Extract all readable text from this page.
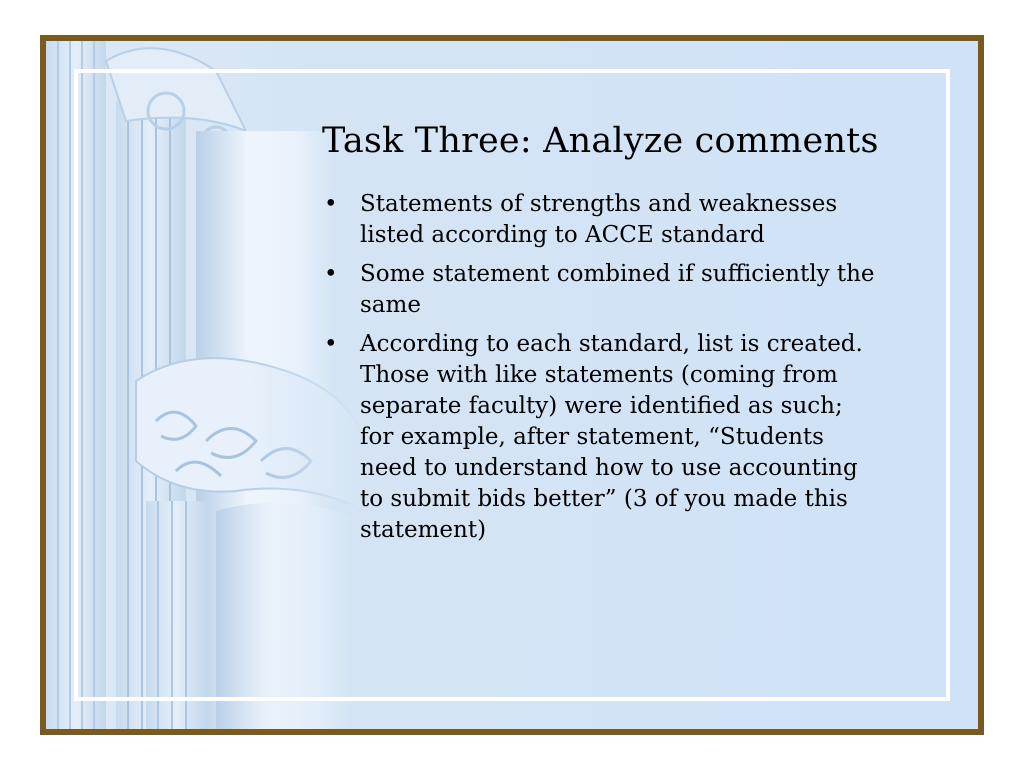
Task Three: Analyze comments
• Statements of strengths and weaknesses listed according to ACCE standard
• Some statement combined if sufficiently the same
• According to each standard, list is created. Those with like statements (coming from separate faculty) were identified as such; for example, after statement, “Students need to understand how to use accounting to submit bids better” (3 of you made this statement)
